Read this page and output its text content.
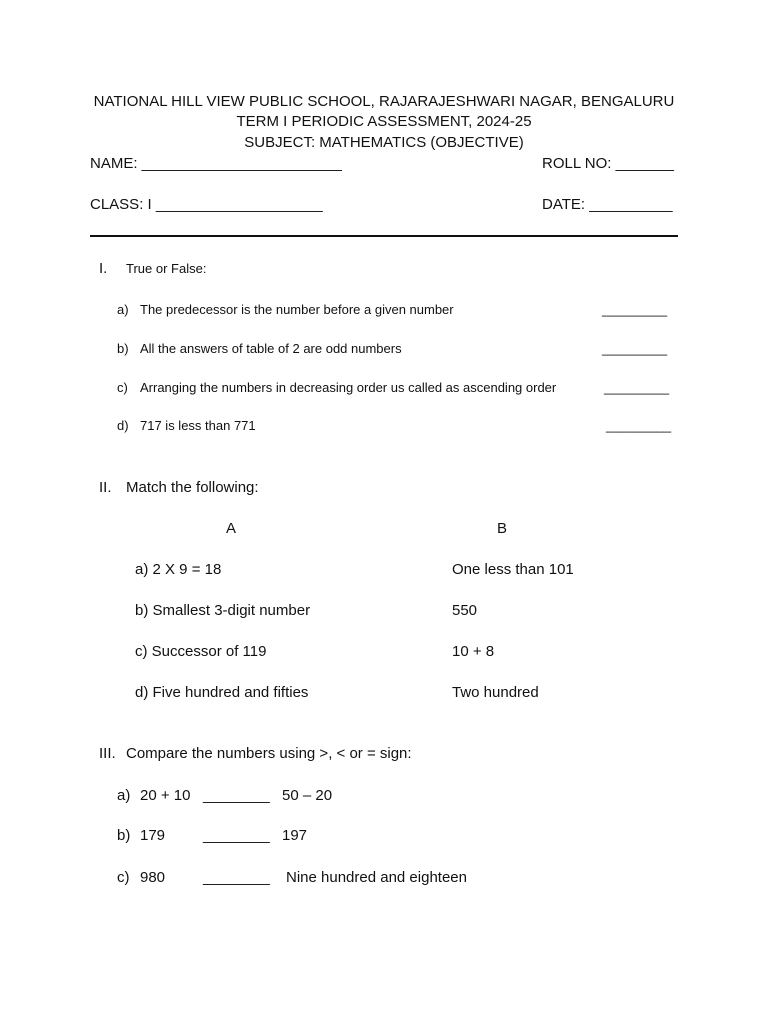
NATIONAL HILL VIEW PUBLIC SCHOOL, RAJARAJESHWARI NAGAR, BENGALURU
TERM I PERIODIC ASSESSMENT, 2024-25
SUBJECT: MATHEMATICS (OBJECTIVE)
NAME: ________________________	ROLL NO: _______
CLASS: I ____________________	DATE: __________
I. True or False:
a) The predecessor is the number before a given number	_________
b) All the answers of table of 2 are odd numbers	_________
c) Arranging the numbers in decreasing order us called as ascending order	_________
d) 717 is less than 771	_________
II. Match the following:
A	B
a) 2 X 9 = 18	One less than 101
b) Smallest 3-digit number	550
c) Successor of 119	10 + 8
d) Five hundred and fifties	Two hundred
III. Compare the numbers using >, < or = sign:
a) 20 + 10 ________ 50 – 20
b) 179	________ 197
c) 980	________ Nine hundred and eighteen
